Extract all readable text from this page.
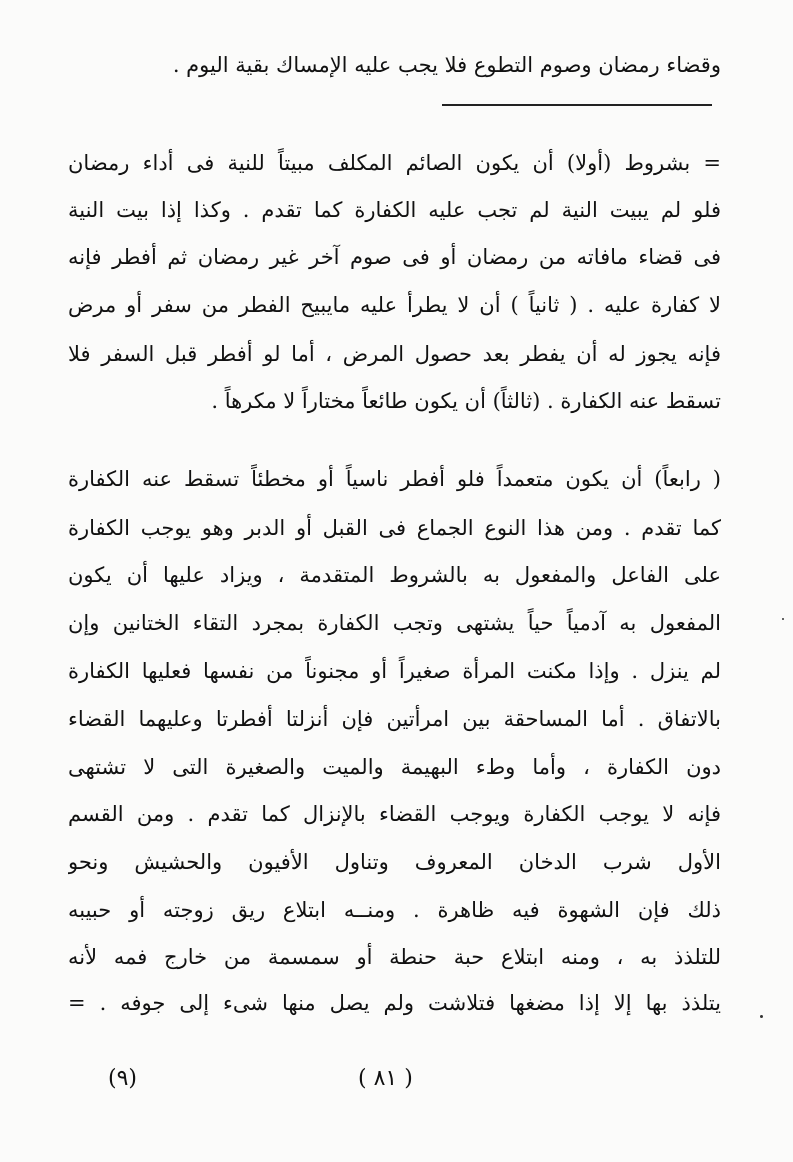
وقضاء رمضان وصوم التطوع فلا يجب عليه الإمساك بقية اليوم .
= بشروط (أولا) أن يكون الصائم المكلف مبيتاً للنية فى أداء رمضان
فلو لم يبيت النية لم تجب عليه الكفارة كما تقدم . وكذا إذا بيت النية
فى قضاء مافاته من رمضان أو فى صوم آخر غير رمضان ثم أفطر فإنه
لا كفارة عليه . ( ثانياً ) أن لا يطرأ عليه مايبيح الفطر من سفر أو مرض
فإنه يجوز له أن يفطر بعد حصول المرض ، أما لو أفطر قبل السفر فلا
تسقط عنه الكفارة . (ثالثاً) أن يكون طائعاً مختاراً لا مكرهاً .
( رابعاً) أن يكون متعمداً فلو أفطر ناسياً أو مخطئاً تسقط عنه الكفارة
كما تقدم . ومن هذا النوع الجماع فى القبل أو الدبر وهو يوجب الكفارة
على الفاعل والمفعول به بالشروط المتقدمة ، ويزاد عليها أن يكون
المفعول به آدمياً حياً يشتهى وتجب الكفارة بمجرد التقاء الختانين وإن
لم ينزل . وإذا مكنت المرأة صغيراً أو مجنوناً من نفسها فعليها الكفارة
بالاتفاق . أما المساحقة بين امرأتين فإن أنزلتا أفطرتا وعليهما القضاء
دون الكفارة ، وأما وطء البهيمة والميت والصغيرة التى لا تشتهى
فإنه لا يوجب الكفارة ويوجب القضاء بالإنزال كما تقدم . ومن القسم
الأول شرب الدخان المعروف وتناول الأفيون والحشيش ونحو
ذلك فإن الشهوة فيه ظاهرة . ومنــه ابتلاع ريق زوجته أو حبيبه
للتلذذ به ، ومنه ابتلاع حبة حنطة أو سمسمة من خارج فمه لأنه
يتلذذ بها إلا إذا مضغها فتلاشت ولم يصل منها شىء إلى جوفه . =
( ٨١ )
(٩)
